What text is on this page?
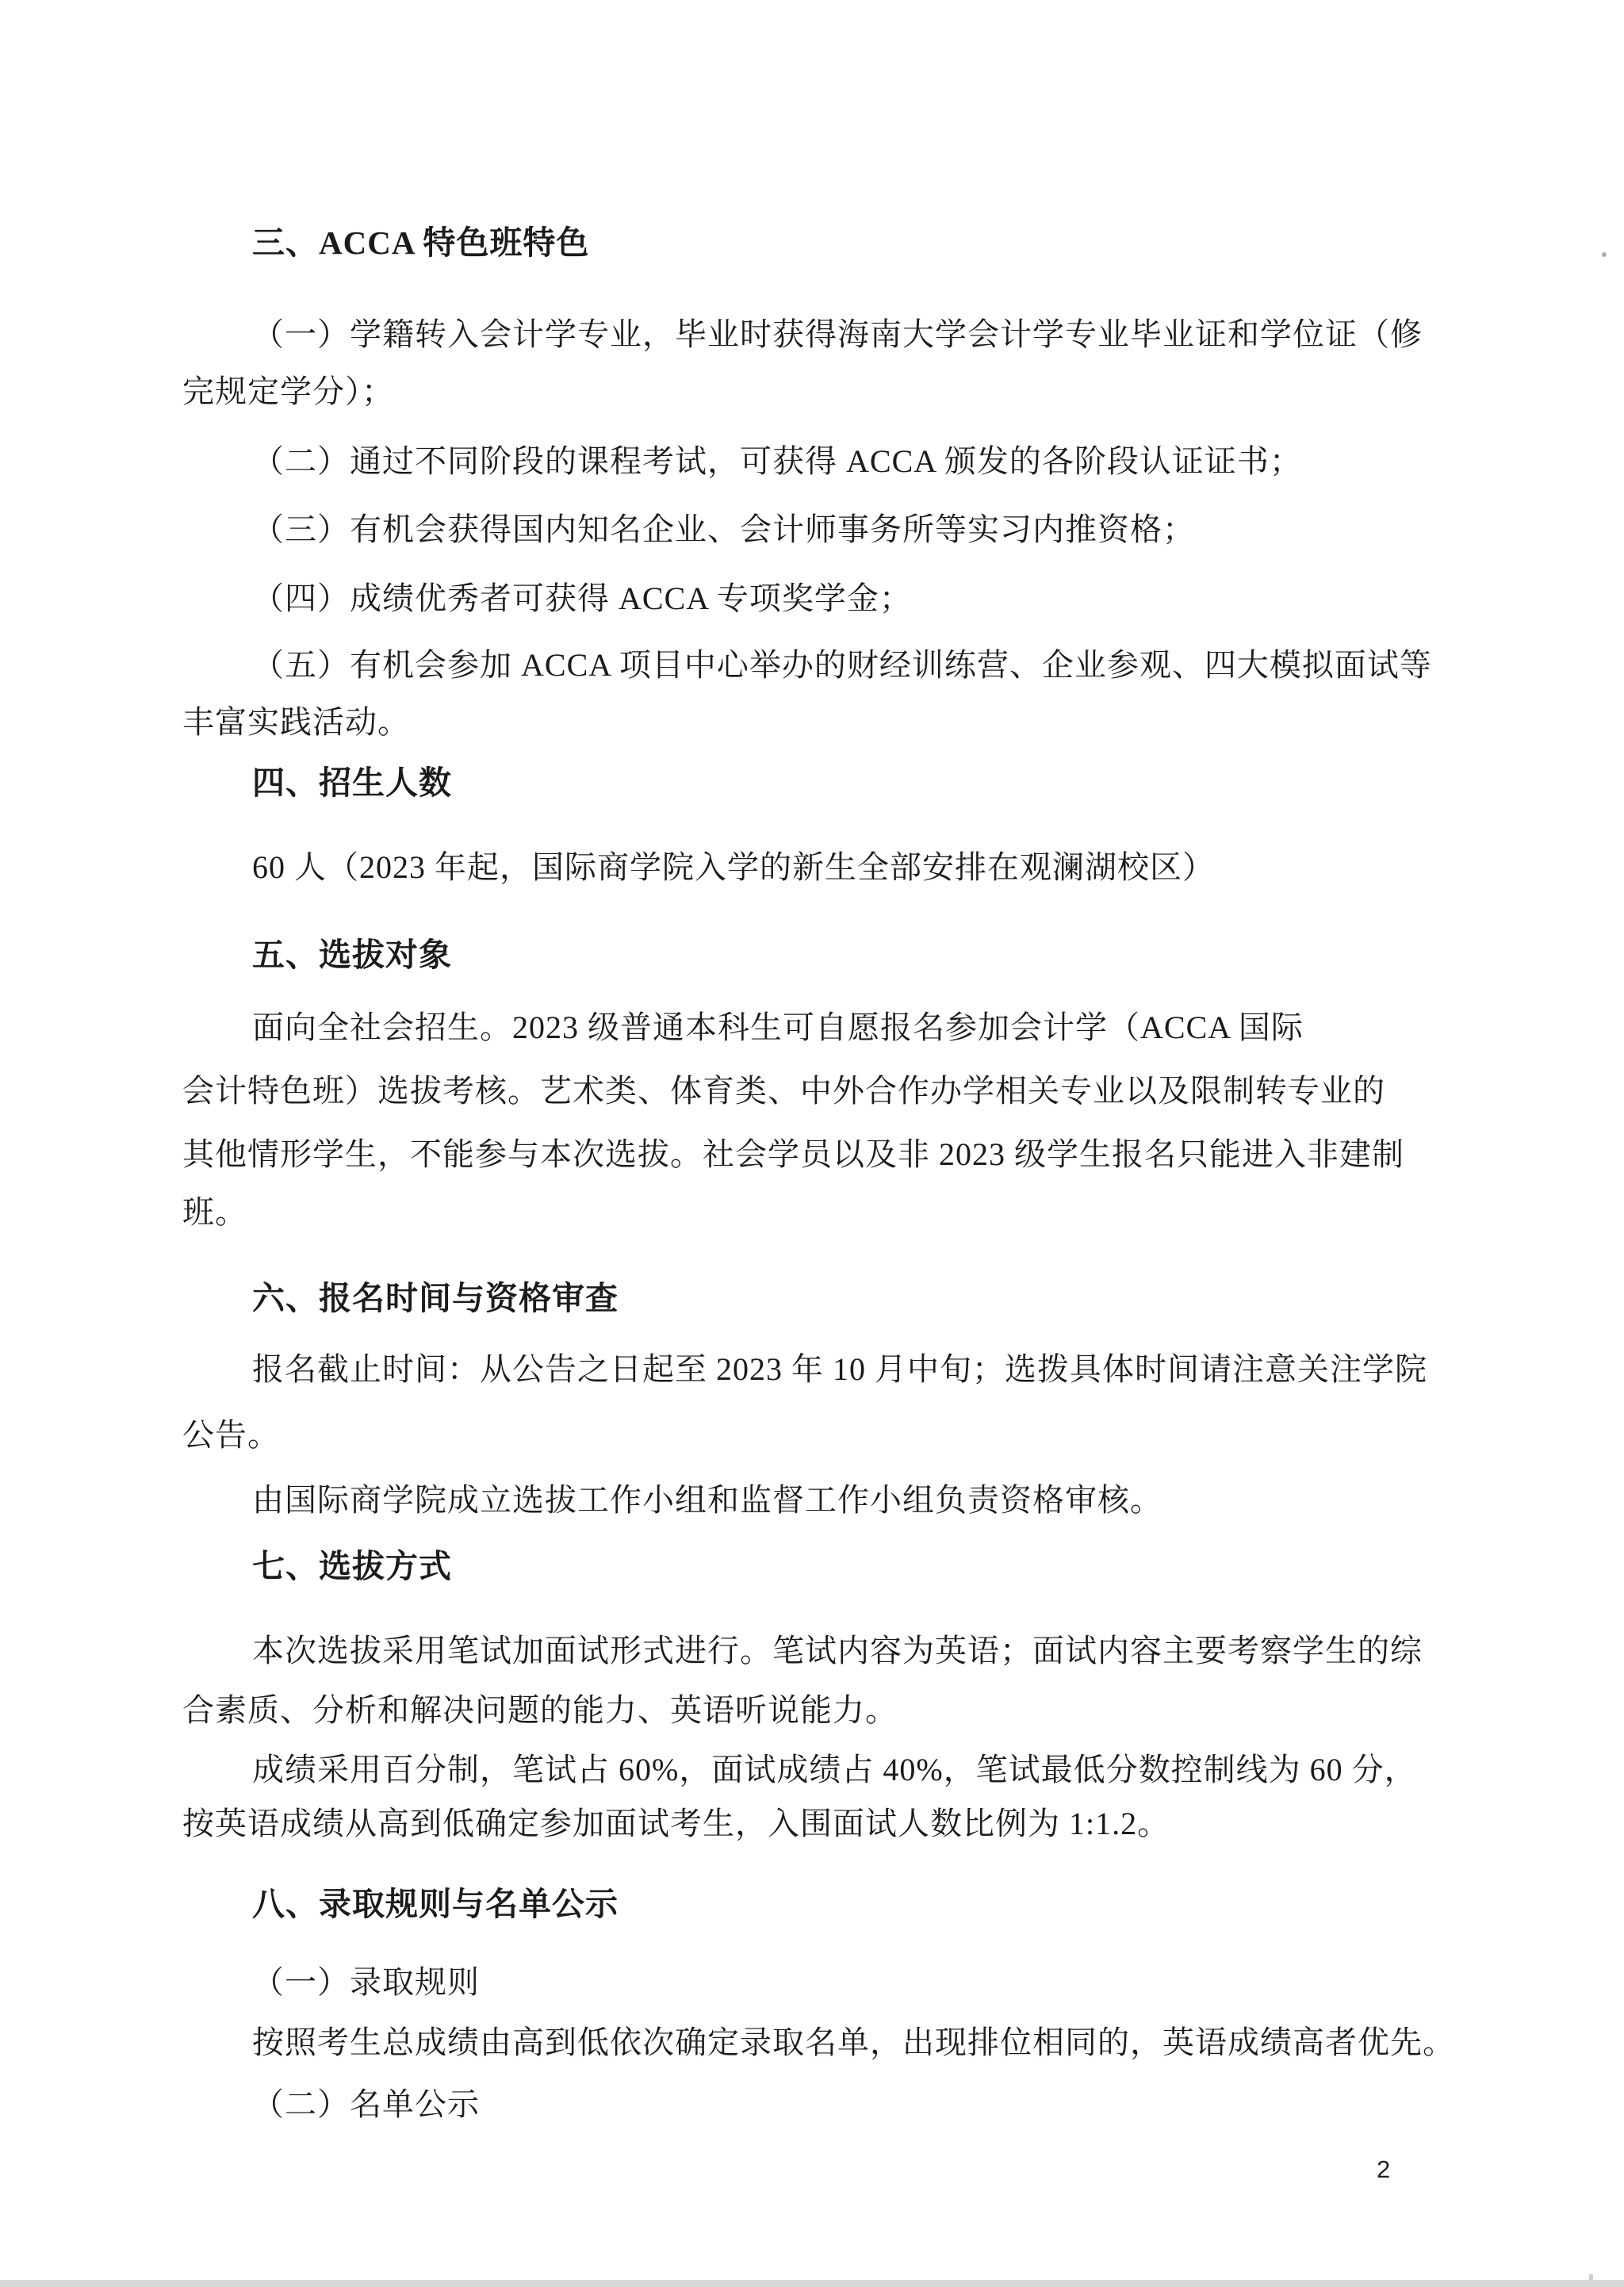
三、ACCA 特色班特色
（一）学籍转入会计学专业，毕业时获得海南大学会计学专业毕业证和学位证（修
完规定学分）；
（二）通过不同阶段的课程考试，可获得 ACCA 颁发的各阶段认证证书；
（三）有机会获得国内知名企业、会计师事务所等实习内推资格；
（四）成绩优秀者可获得 ACCA 专项奖学金；
（五）有机会参加 ACCA 项目中心举办的财经训练营、企业参观、四大模拟面试等
丰富实践活动。
四、招生人数
60 人（2023 年起，国际商学院入学的新生全部安排在观澜湖校区）
五、选拔对象
面向全社会招生。2023 级普通本科生可自愿报名参加会计学（ACCA 国际
会计特色班）选拔考核。艺术类、体育类、中外合作办学相关专业以及限制转专业的
其他情形学生，不能参与本次选拔。社会学员以及非 2023 级学生报名只能进入非建制
班。
六、报名时间与资格审查
报名截止时间：从公告之日起至 2023 年 10 月中旬；选拨具体时间请注意关注学院
公告。
由国际商学院成立选拔工作小组和监督工作小组负责资格审核。
七、选拔方式
本次选拔采用笔试加面试形式进行。笔试内容为英语；面试内容主要考察学生的综
合素质、分析和解决问题的能力、英语听说能力。
成绩采用百分制，笔试占 60%，面试成绩占 40%，笔试最低分数控制线为 60 分，
按英语成绩从高到低确定参加面试考生，入围面试人数比例为 1:1.2。
八、录取规则与名单公示
（一）录取规则
按照考生总成绩由高到低依次确定录取名单，出现排位相同的，英语成绩高者优先。
（二）名单公示
2
